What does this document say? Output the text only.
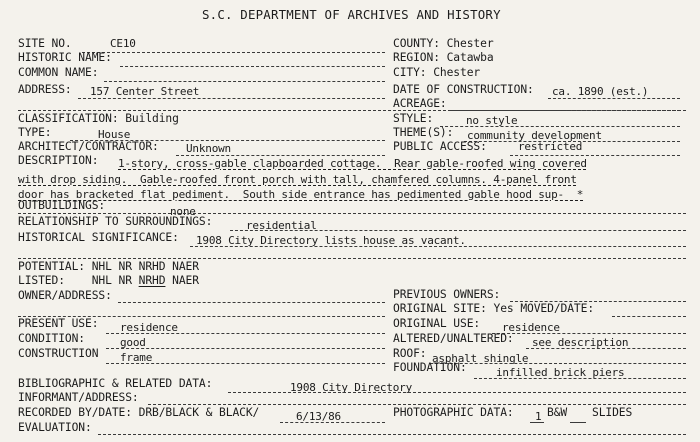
S.C. DEPARTMENT OF ARCHIVES AND HISTORY
SITE NO.	CE10
HISTORIC NAME:
COMMON NAME:
ADDRESS: 157 Center Street
COUNTY: Chester
REGION: Catawba
CITY: Chester
DATE OF CONSTRUCTION: ca. 1890 (est.)
ACREAGE:
CLASSIFICATION: Building
TYPE:	House
ARCHITECT/CONTRACTOR: Unknown
STYLE:	no style
THEME(S): community development
PUBLIC ACCESS:	restricted
DESCRIPTION: 1-story, cross-gable clapboarded cottage.  Rear gable-roofed wing covered
with drop siding.  Gable-roofed front porch with tall, chamfered columns. 4-panel front
door has bracketed flat pediment.  South side entrance has pedimented gable hood sup-  *
OUTBUILDINGS:	none
RELATIONSHIP TO SURROUNDINGS:	residential
HISTORICAL SIGNIFICANCE: 1908 City Directory lists house as vacant.
POTENTIAL: NHL NR NRHD NAER
LISTED:    NHL NR NRHD NAER
OWNER/ADDRESS:	PREVIOUS OWNERS:
ORIGINAL SITE: Yes MOVED/DATE:
PRESENT USE: residence
CONDITION:	good
CONSTRUCTION frame
ORIGINAL USE: residence
ALTERED/UNALTERED: see description
ROOF: asphalt shingle
FOUNDATION:	infilled brick piers
BIBLIOGRAPHIC & RELATED DATA:	1908 City Directory
INFORMANT/ADDRESS:
RECORDED BY/DATE: DRB/BLACK & BLACK/	6/13/86	PHOTOGRAPHIC DATA: 1 B&W SLIDES
EVALUATION:
